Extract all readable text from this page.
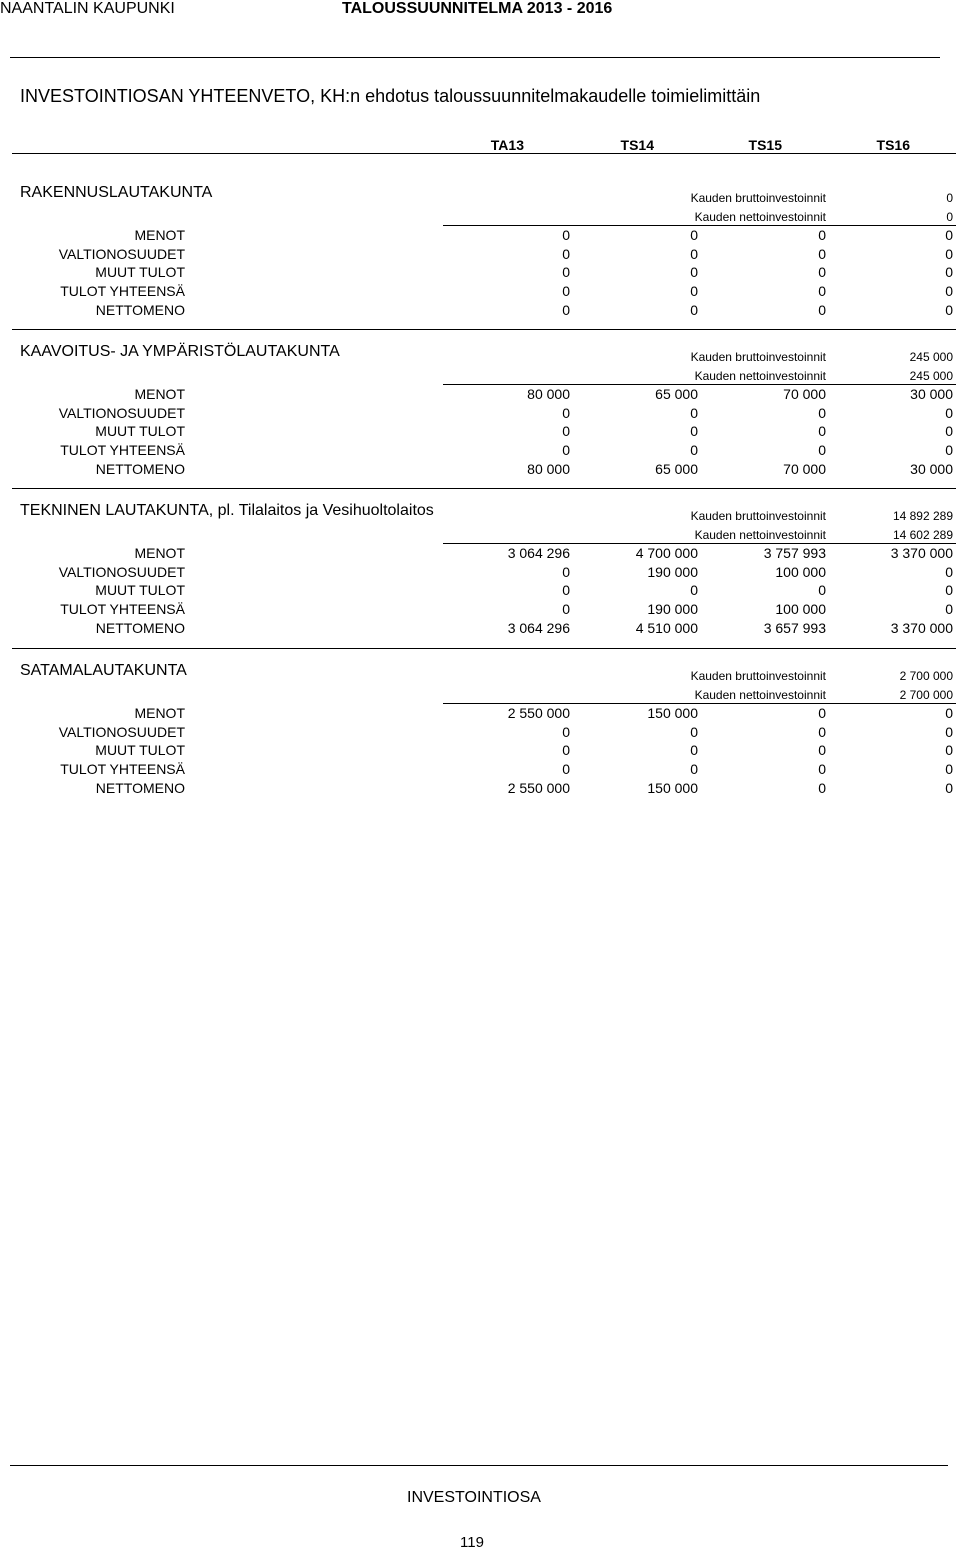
NAANTALIN KAUPUNKI	TALOUSSUUNNITELMA 2013 - 2016
INVESTOINTIOSAN YHTEENVETO, KH:n ehdotus taloussuunnitelmakaudelle toimielimittäin
TA13	TS14	TS15	TS16
RAKENNUSLAUTAKUNTA	Kauden bruttoinvestoinnit	0
Kauden nettoinvestoinnit	0
MENOT	0	0	0	0
VALTIONOSUUDET	0	0	0	0
MUUT TULOT	0	0	0	0
TULOT YHTEENSÄ	0	0	0	0
NETTOMENO	0	0	0	0
KAAVOITUS- JA YMPÄRISTÖLAUTAKUNTA	Kauden bruttoinvestoinnit	245 000
Kauden nettoinvestoinnit	245 000
MENOT	80 000	65 000	70 000	30 000
VALTIONOSUUDET	0	0	0	0
MUUT TULOT	0	0	0	0
TULOT YHTEENSÄ	0	0	0	0
NETTOMENO	80 000	65 000	70 000	30 000
TEKNINEN LAUTAKUNTA, pl. Tilalaitos ja Vesihuoltolaitos	Kauden bruttoinvestoinnit	14 892 289
Kauden nettoinvestoinnit	14 602 289
MENOT	3 064 296	4 700 000	3 757 993	3 370 000
VALTIONOSUUDET	0	190 000	100 000	0
MUUT TULOT	0	0	0	0
TULOT YHTEENSÄ	0	190 000	100 000	0
NETTOMENO	3 064 296	4 510 000	3 657 993	3 370 000
SATAMALAUTAKUNTA	Kauden bruttoinvestoinnit	2 700 000
Kauden nettoinvestoinnit	2 700 000
MENOT	2 550 000	150 000	0	0
VALTIONOSUUDET	0	0	0	0
MUUT TULOT	0	0	0	0
TULOT YHTEENSÄ	0	0	0	0
NETTOMENO	2 550 000	150 000	0	0
INVESTOINTIOSA
119
